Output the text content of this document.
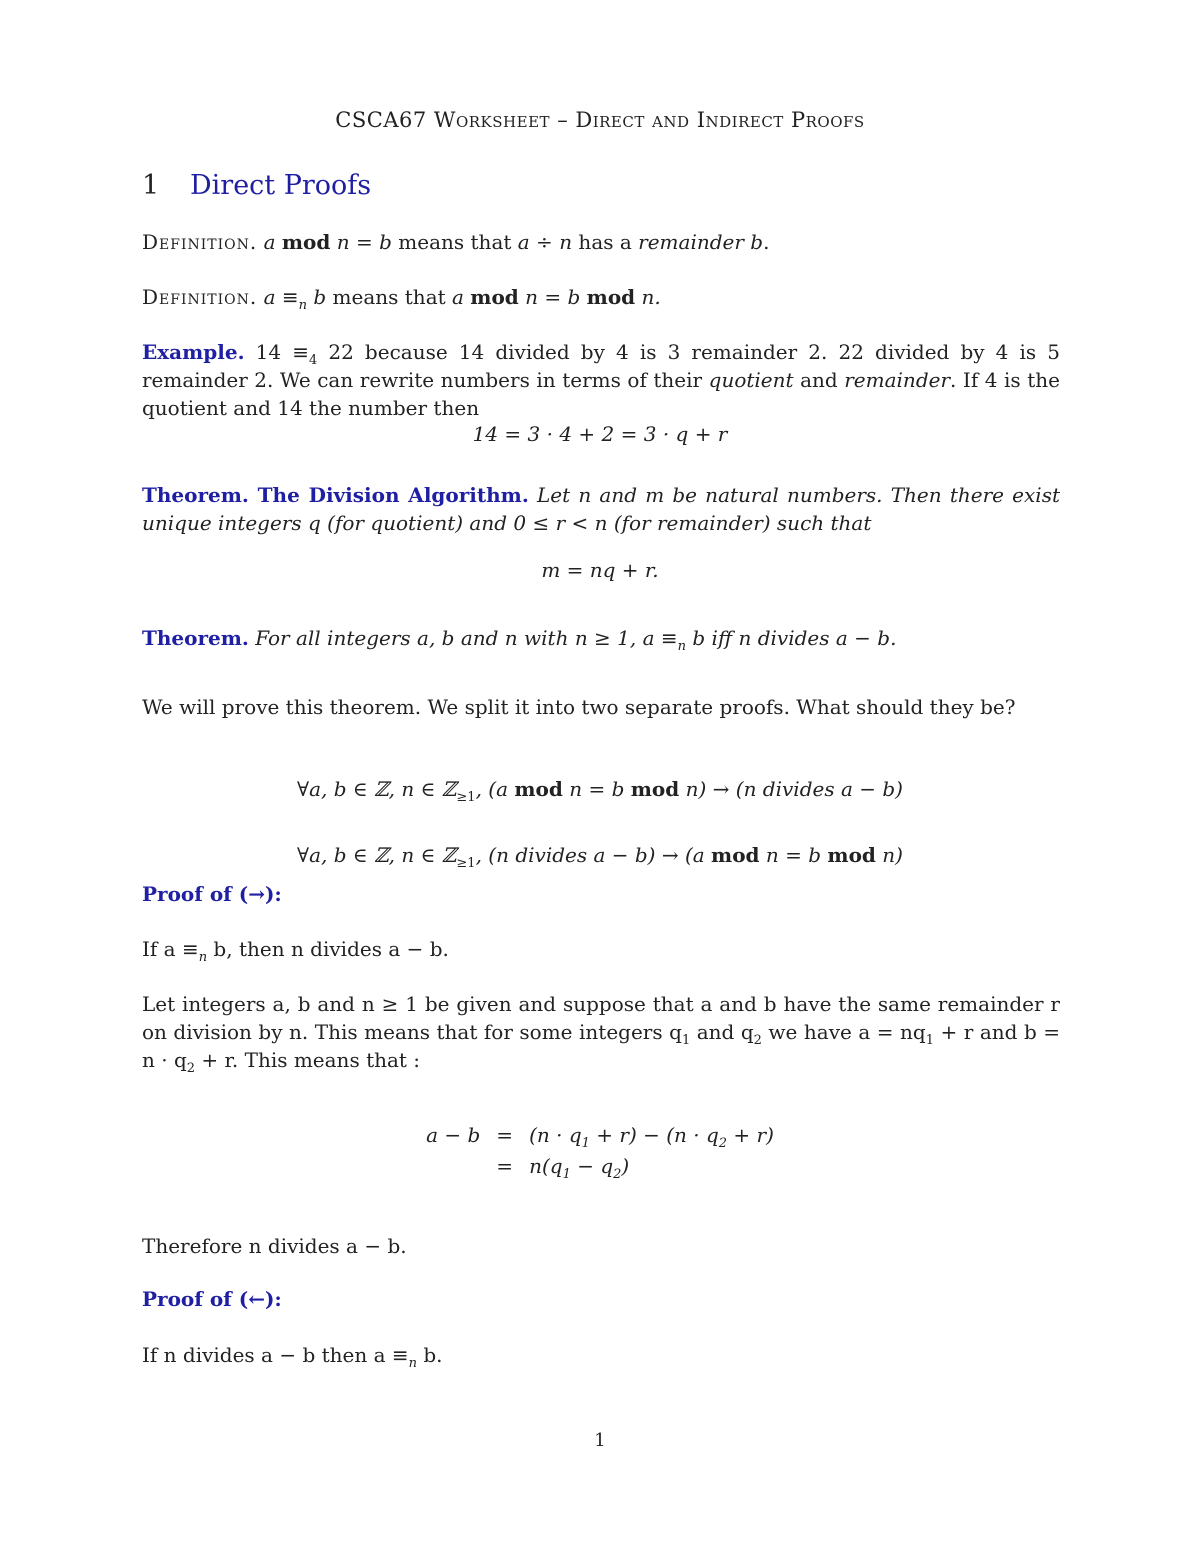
CSCA67 Worksheet – Direct and Indirect Proofs
1 Direct Proofs
Definition. a mod n = b means that a ÷ n has a remainder b.
Definition. $a \equiv_n$ b means that a mod n = b mod n.
Example. $14 \equiv_4$ 22 because 14 divided by 4 is 3 remainder 2. 22 divided by 4 is 5 remainder 2. We can rewrite numbers in terms of their quotient and remainder. If 4 is the quotient and 14 the number then
14 = 3 · 4 + 2 = 3 · q + r
Theorem. The Division Algorithm. Let n and m be natural numbers. Then there exist unique integers q (for quotient) and 0 ≤ r < n (for remainder) such that
m = nq + r.
Theorem. For all integers a, b and n with n ≥ 1, $a \equiv_n$ b iff n divides a − b.
We will prove this theorem. We split it into two separate proofs. What should they be?
∀a, b ∈ ℤ, n ∈ ℤ$_{\ge 1}$, (a mod n = b mod n) → (n divides a − b)
∀a, b ∈ ℤ, n ∈ ℤ$_{\ge 1}$, (n divides a − b) → (a mod n = b mod n)
Proof of (→):
If $a \equiv_n$ b, then n divides a − b.
Let integers a, b and n ≥ 1 be given and suppose that a and b have the same remainder r on division by n. This means that for some integers $q_1$ and $q_2$ we have $a = nq_1 + r$ and $b = n \cdot q_2 + r$. This means that :
a − b	=	$(n \cdot q_1 + r) - (n \cdot q_2 + r)$
	=	$n(q_1 - q_2)$
Therefore n divides a − b.
Proof of (←):
If n divides a − b then $a \equiv_n$ b.
1
